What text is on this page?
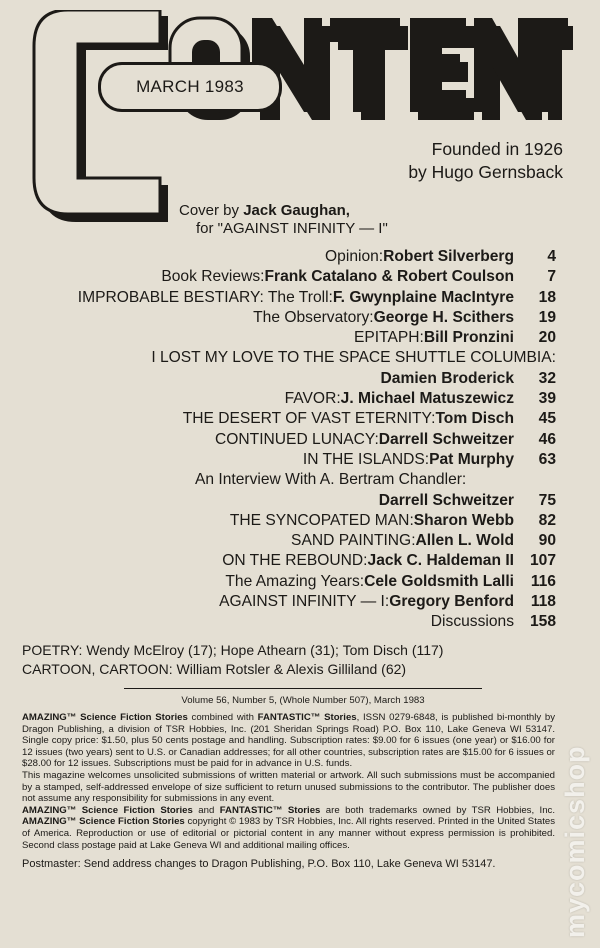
MARCH 1983
Founded in 1926
by Hugo Gernsback
Cover by Jack Gaughan,
for "AGAINST INFINITY — I"
Opinion: Robert Silverberg	4
Book Reviews: Frank Catalano & Robert Coulson	7
IMPROBABLE BESTIARY: The Troll: F. Gwynplaine MacIntyre	18
The Observatory: George H. Scithers	19
EPITAPH: Bill Pronzini	20
I LOST MY LOVE TO THE SPACE SHUTTLE COLUMBIA:
Damien Broderick	32
FAVOR: J. Michael Matuszewicz	39
THE DESERT OF VAST ETERNITY: Tom Disch	45
CONTINUED LUNACY: Darrell Schweitzer	46
IN THE ISLANDS: Pat Murphy	63
An Interview With A. Bertram Chandler:
Darrell Schweitzer	75
THE SYNCOPATED MAN: Sharon Webb	82
SAND PAINTING: Allen L. Wold	90
ON THE REBOUND: Jack C. Haldeman II	107
The Amazing Years: Cele Goldsmith Lalli	116
AGAINST INFINITY — I: Gregory Benford	118
Discussions	158
POETRY: Wendy McElroy (17); Hope Athearn (31); Tom Disch (117)
CARTOON, CARTOON: William Rotsler & Alexis Gilliland (62)
Volume 56, Number 5, (Whole Number 507), March 1983

AMAZING™ Science Fiction Stories combined with FANTASTIC™ Stories, ISSN 0279-6848, is published bi-monthly by Dragon Publishing, a division of TSR Hobbies, Inc. (201 Sheridan Springs Road) P.O. Box 110, Lake Geneva WI 53147. Single copy price: $1.50, plus 50 cents postage and handling. Subscription rates: $9.00 for 6 issues (one year) or $16.00 for 12 issues (two years) sent to U.S. or Canadian addresses; for all other countries, subscription rates are $15.00 for 6 issues or $28.00 for 12 issues. Subscriptions must be paid for in advance in U.S. funds.

This magazine welcomes unsolicited submissions of written material or artwork. All such submissions must be accompanied by a stamped, self-addressed envelope of size sufficient to return unused submissions to the contributor. The publisher does not assume any responsibility for submissions in any event.

AMAZING™ Science Fiction Stories and FANTASTIC™ Stories are both trademarks owned by TSR Hobbies, Inc. AMAZING™ Science Fiction Stories copyright © 1983 by TSR Hobbies, Inc. All rights reserved. Printed in the United States of America. Reproduction or use of editorial or pictorial content in any manner without express permission is prohibited. Second class postage paid at Lake Geneva WI and additional mailing offices.

Postmaster: Send address changes to Dragon Publishing, P.O. Box 110, Lake Geneva WI 53147.	mycomicshop
